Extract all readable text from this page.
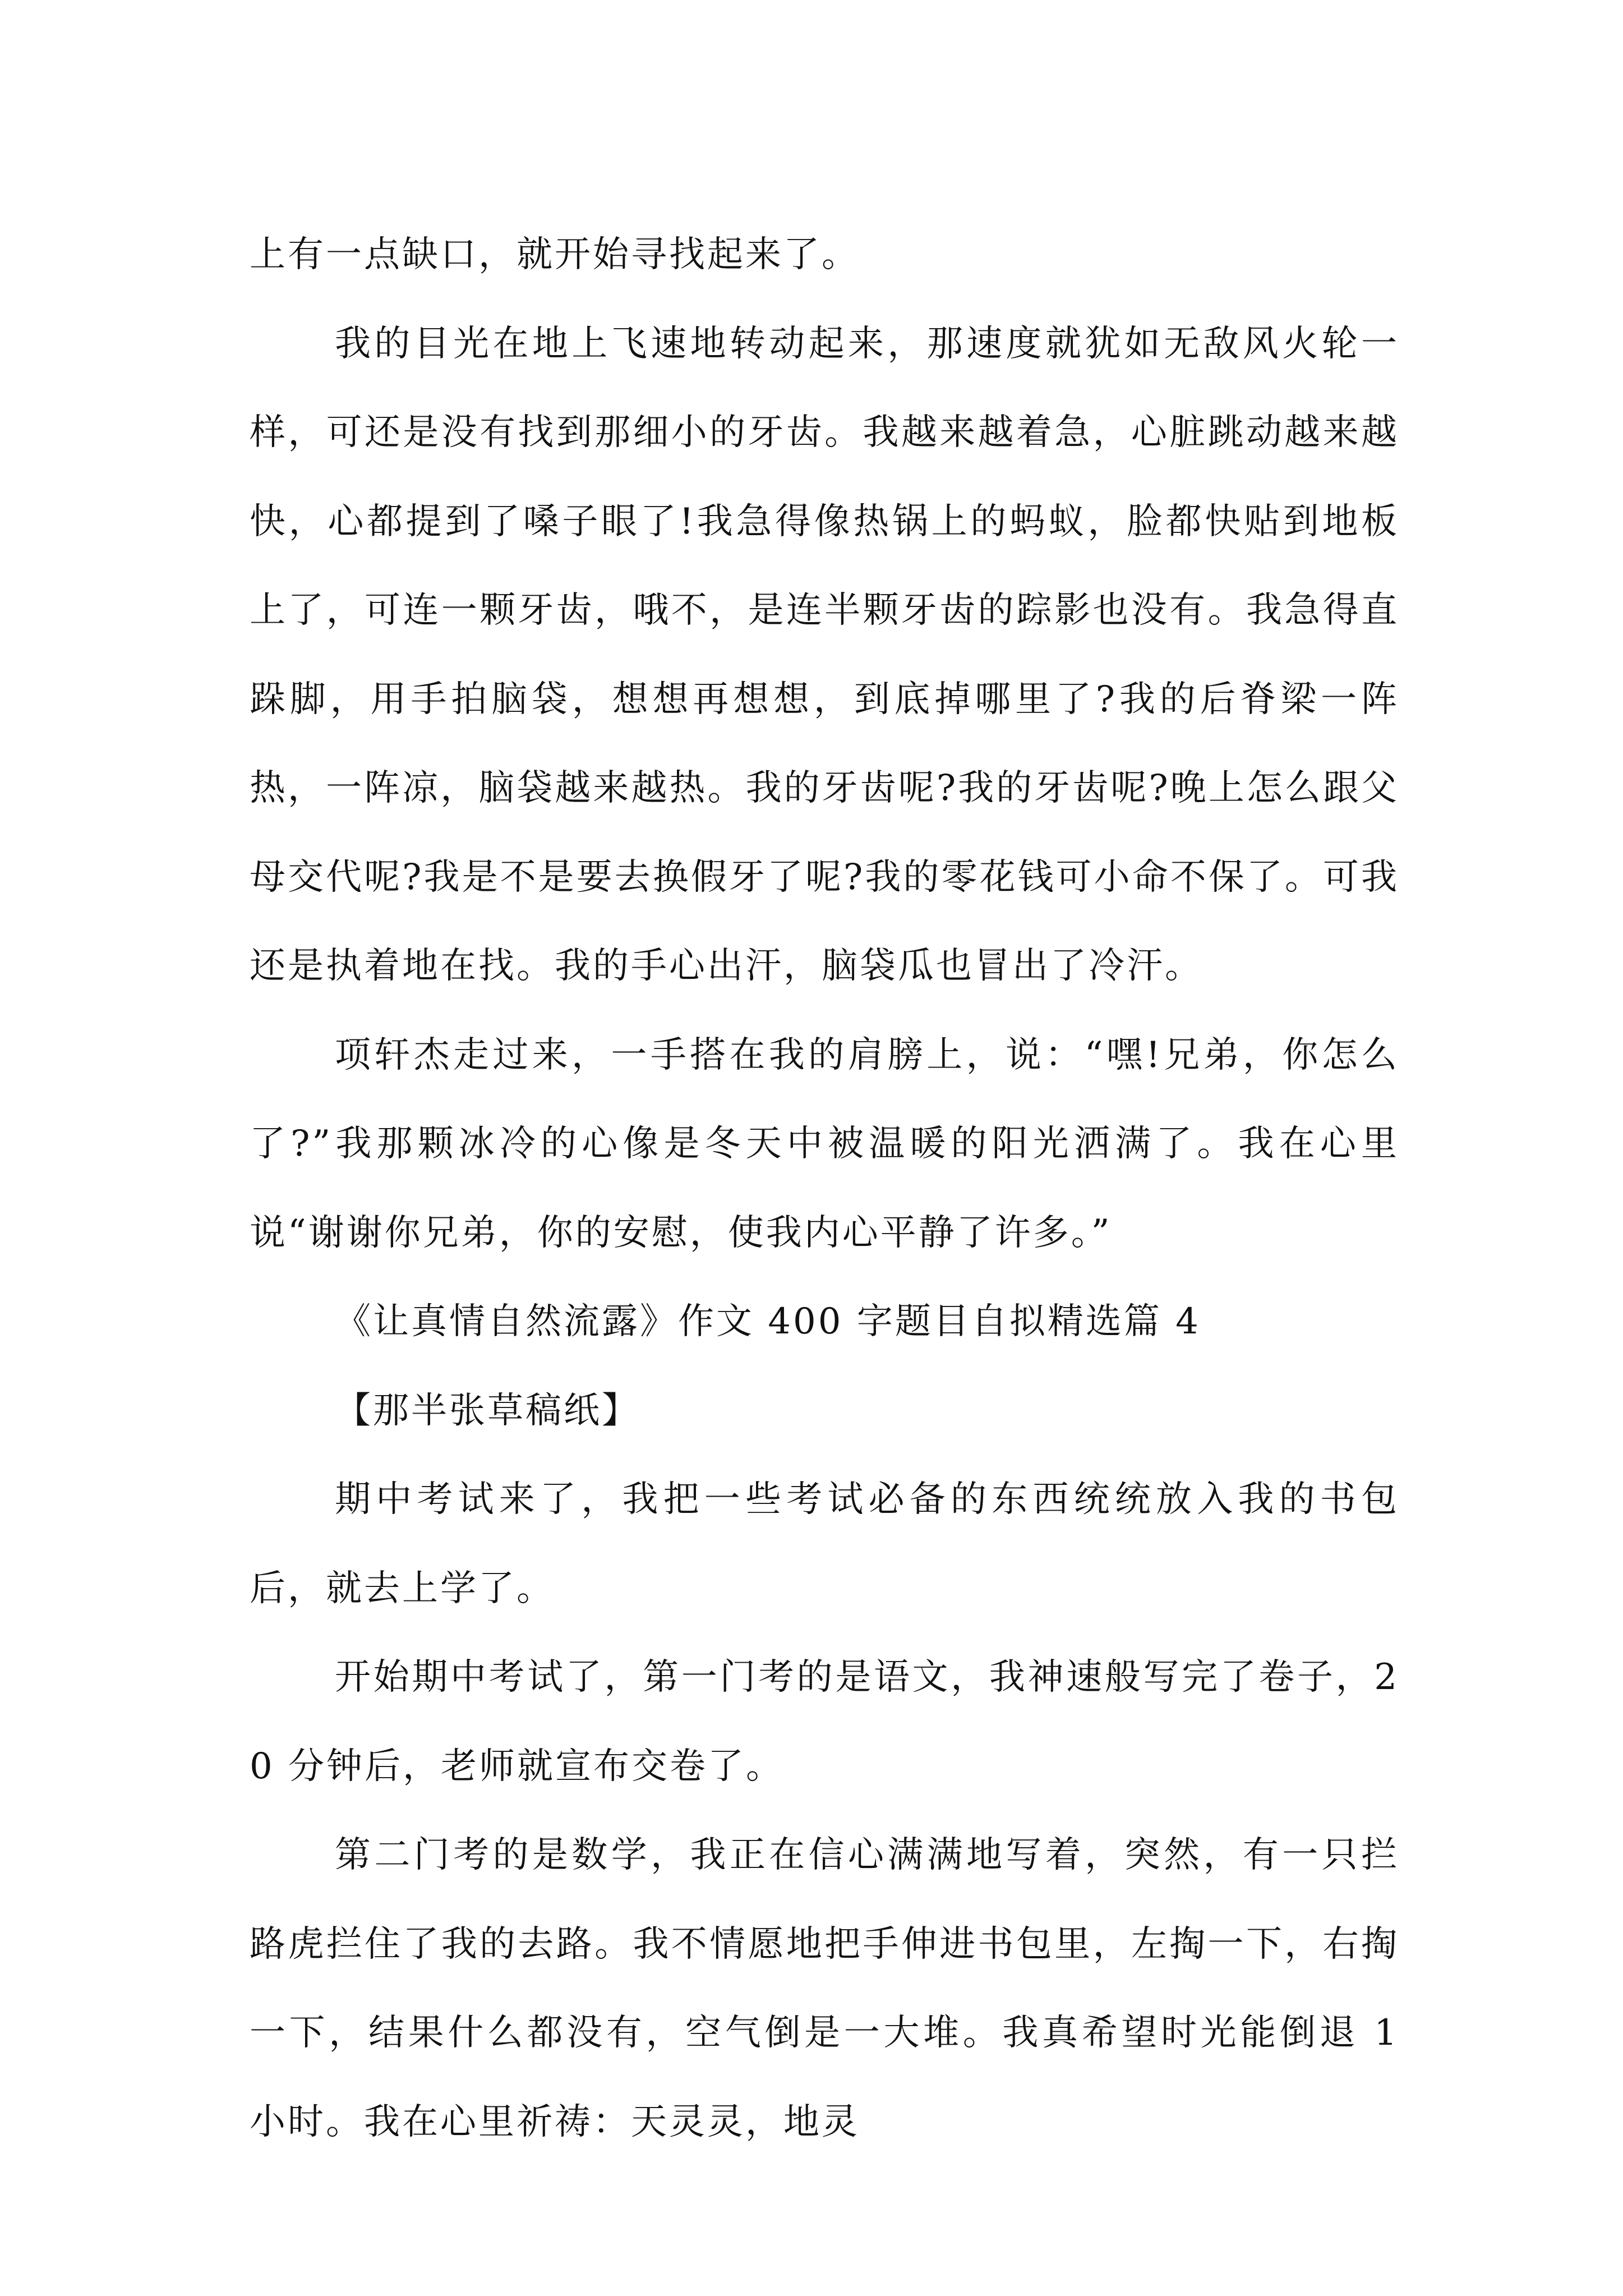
上有一点缺口，就开始寻找起来了。

我的目光在地上飞速地转动起来，那速度就犹如无敌风火轮一样，可还是没有找到那细小的牙齿。我越来越着急，心脏跳动越来越快，心都提到了嗓子眼了!我急得像热锅上的蚂蚁，脸都快贴到地板上了，可连一颗牙齿，哦不，是连半颗牙齿的踪影也没有。我急得直跺脚，用手拍脑袋，想想再想想，到底掉哪里了?我的后脊梁一阵热，一阵凉，脑袋越来越热。我的牙齿呢?我的牙齿呢?晚上怎么跟父母交代呢?我是不是要去换假牙了呢?我的零花钱可小命不保了。可我还是执着地在找。我的手心出汗，脑袋瓜也冒出了冷汗。

项轩杰走过来，一手搭在我的肩膀上，说：“嘿!兄弟，你怎么了?”我那颗冰冷的心像是冬天中被温暖的阳光洒满了。我在心里说“谢谢你兄弟，你的安慰，使我内心平静了许多。”

《让真情自然流露》作文 400 字题目自拟精选篇 4

【那半张草稿纸】

期中考试来了，我把一些考试必备的东西统统放入我的书包后，就去上学了。

开始期中考试了，第一门考的是语文，我神速般写完了卷子，20 分钟后，老师就宣布交卷了。

第二门考的是数学，我正在信心满满地写着，突然，有一只拦路虎拦住了我的去路。我不情愿地把手伸进书包里，左掏一下，右掏一下，结果什么都没有，空气倒是一大堆。我真希望时光能倒退 1 小时。我在心里祈祷：天灵灵，地灵
